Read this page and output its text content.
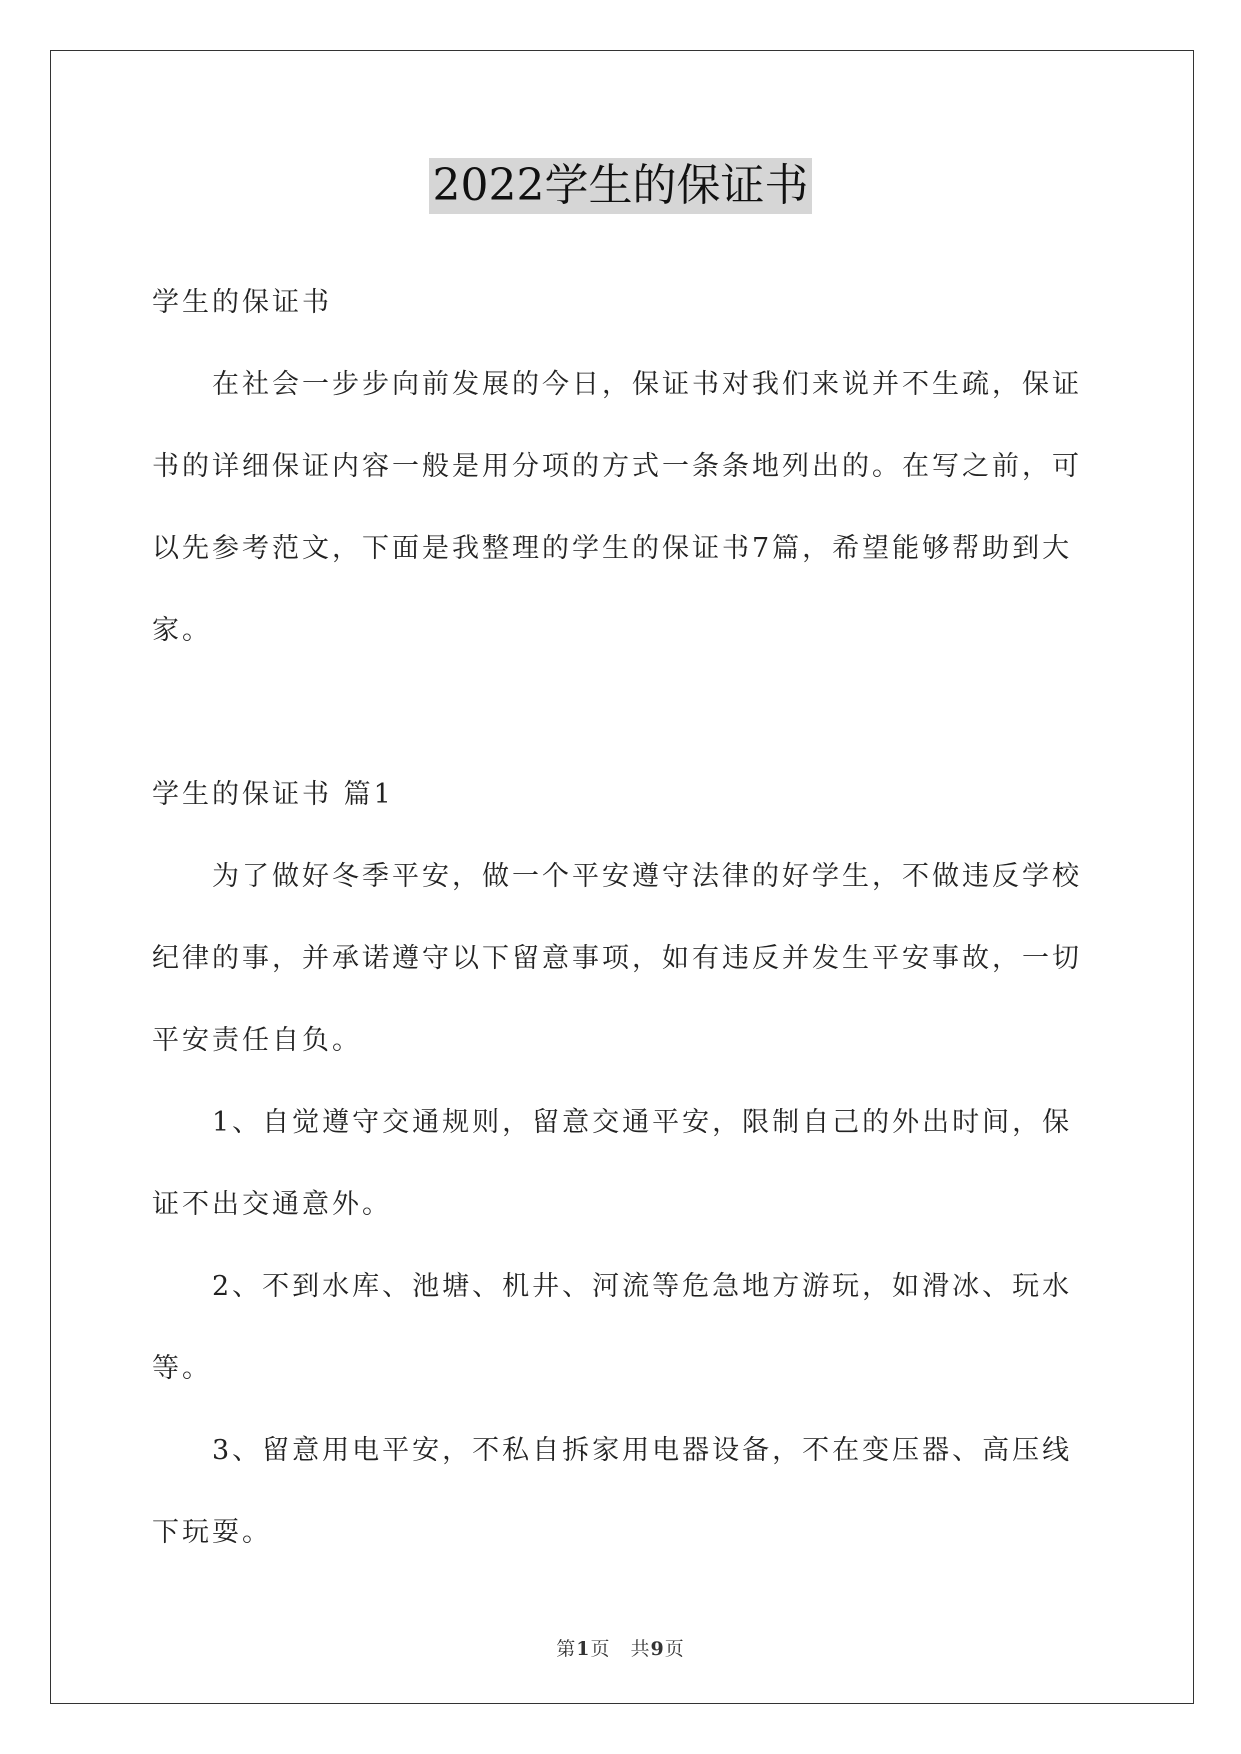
2022学生的保证书

学生的保证书

在社会一步步向前发展的今日，保证书对我们来说并不生疏，保证书的详细保证内容一般是用分项的方式一条条地列出的。在写之前，可以先参考范文，下面是我整理的学生的保证书7篇，希望能够帮助到大家。

学生的保证书 篇1

为了做好冬季平安，做一个平安遵守法律的好学生，不做违反学校纪律的事，并承诺遵守以下留意事项，如有违反并发生平安事故，一切平安责任自负。

1、自觉遵守交通规则，留意交通平安，限制自己的外出时间，保证不出交通意外。

2、不到水库、池塘、机井、河流等危急地方游玩，如滑冰、玩水等。

3、留意用电平安，不私自拆家用电器设备，不在变压器、高压线下玩耍。

第1页　共9页
